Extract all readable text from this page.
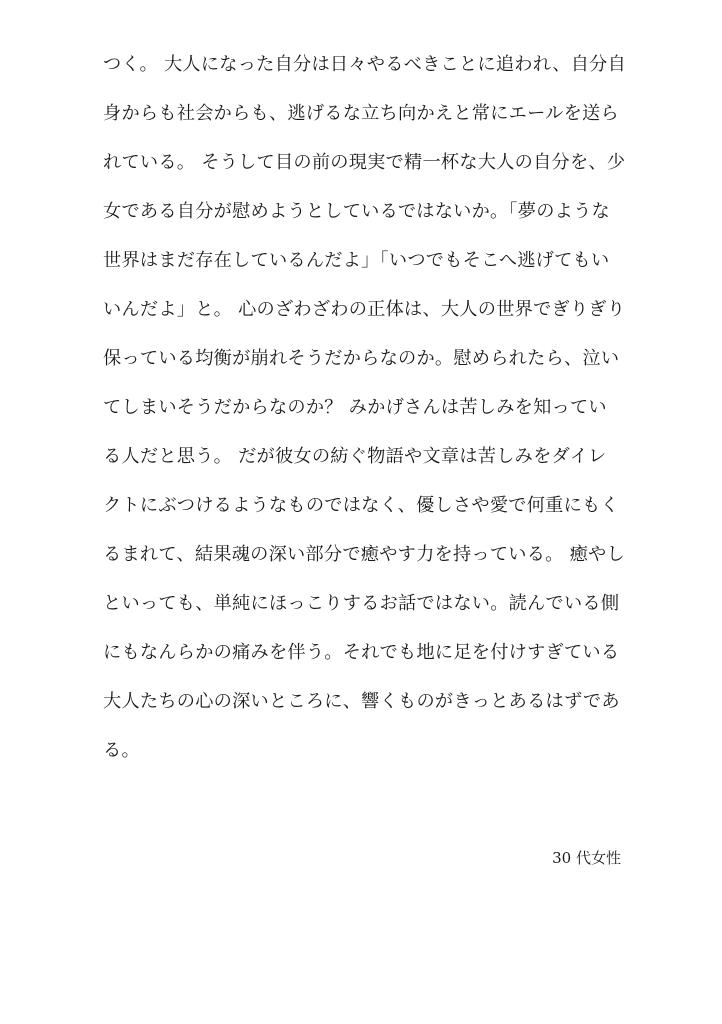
つく。 大人になった自分は日々やるべきことに追われ、自分自
身からも社会からも、逃げるな立ち向かえと常にエールを送ら
れている。 そうして目の前の現実で精一杯な大人の自分を、少
女である自分が慰めようとしているではないか。「夢のような
世界はまだ存在しているんだよ」「いつでもそこへ逃げてもい
いんだよ」と。 心のざわざわの正体は、大人の世界でぎりぎり
保っている均衡が崩れそうだからなのか。慰められたら、泣い
てしまいそうだからなのか？ みかげさんは苦しみを知ってい
る人だと思う。 だが彼女の紡ぐ物語や文章は苦しみをダイレ
クトにぶつけるようなものではなく、優しさや愛で何重にもく
るまれて、結果魂の深い部分で癒やす力を持っている。 癒やし
といっても、単純にほっこりするお話ではない。読んでいる側
にもなんらかの痛みを伴う。それでも地に足を付けすぎている
大人たちの心の深いところに、響くものがきっとあるはずであ
る。
30 代女性
